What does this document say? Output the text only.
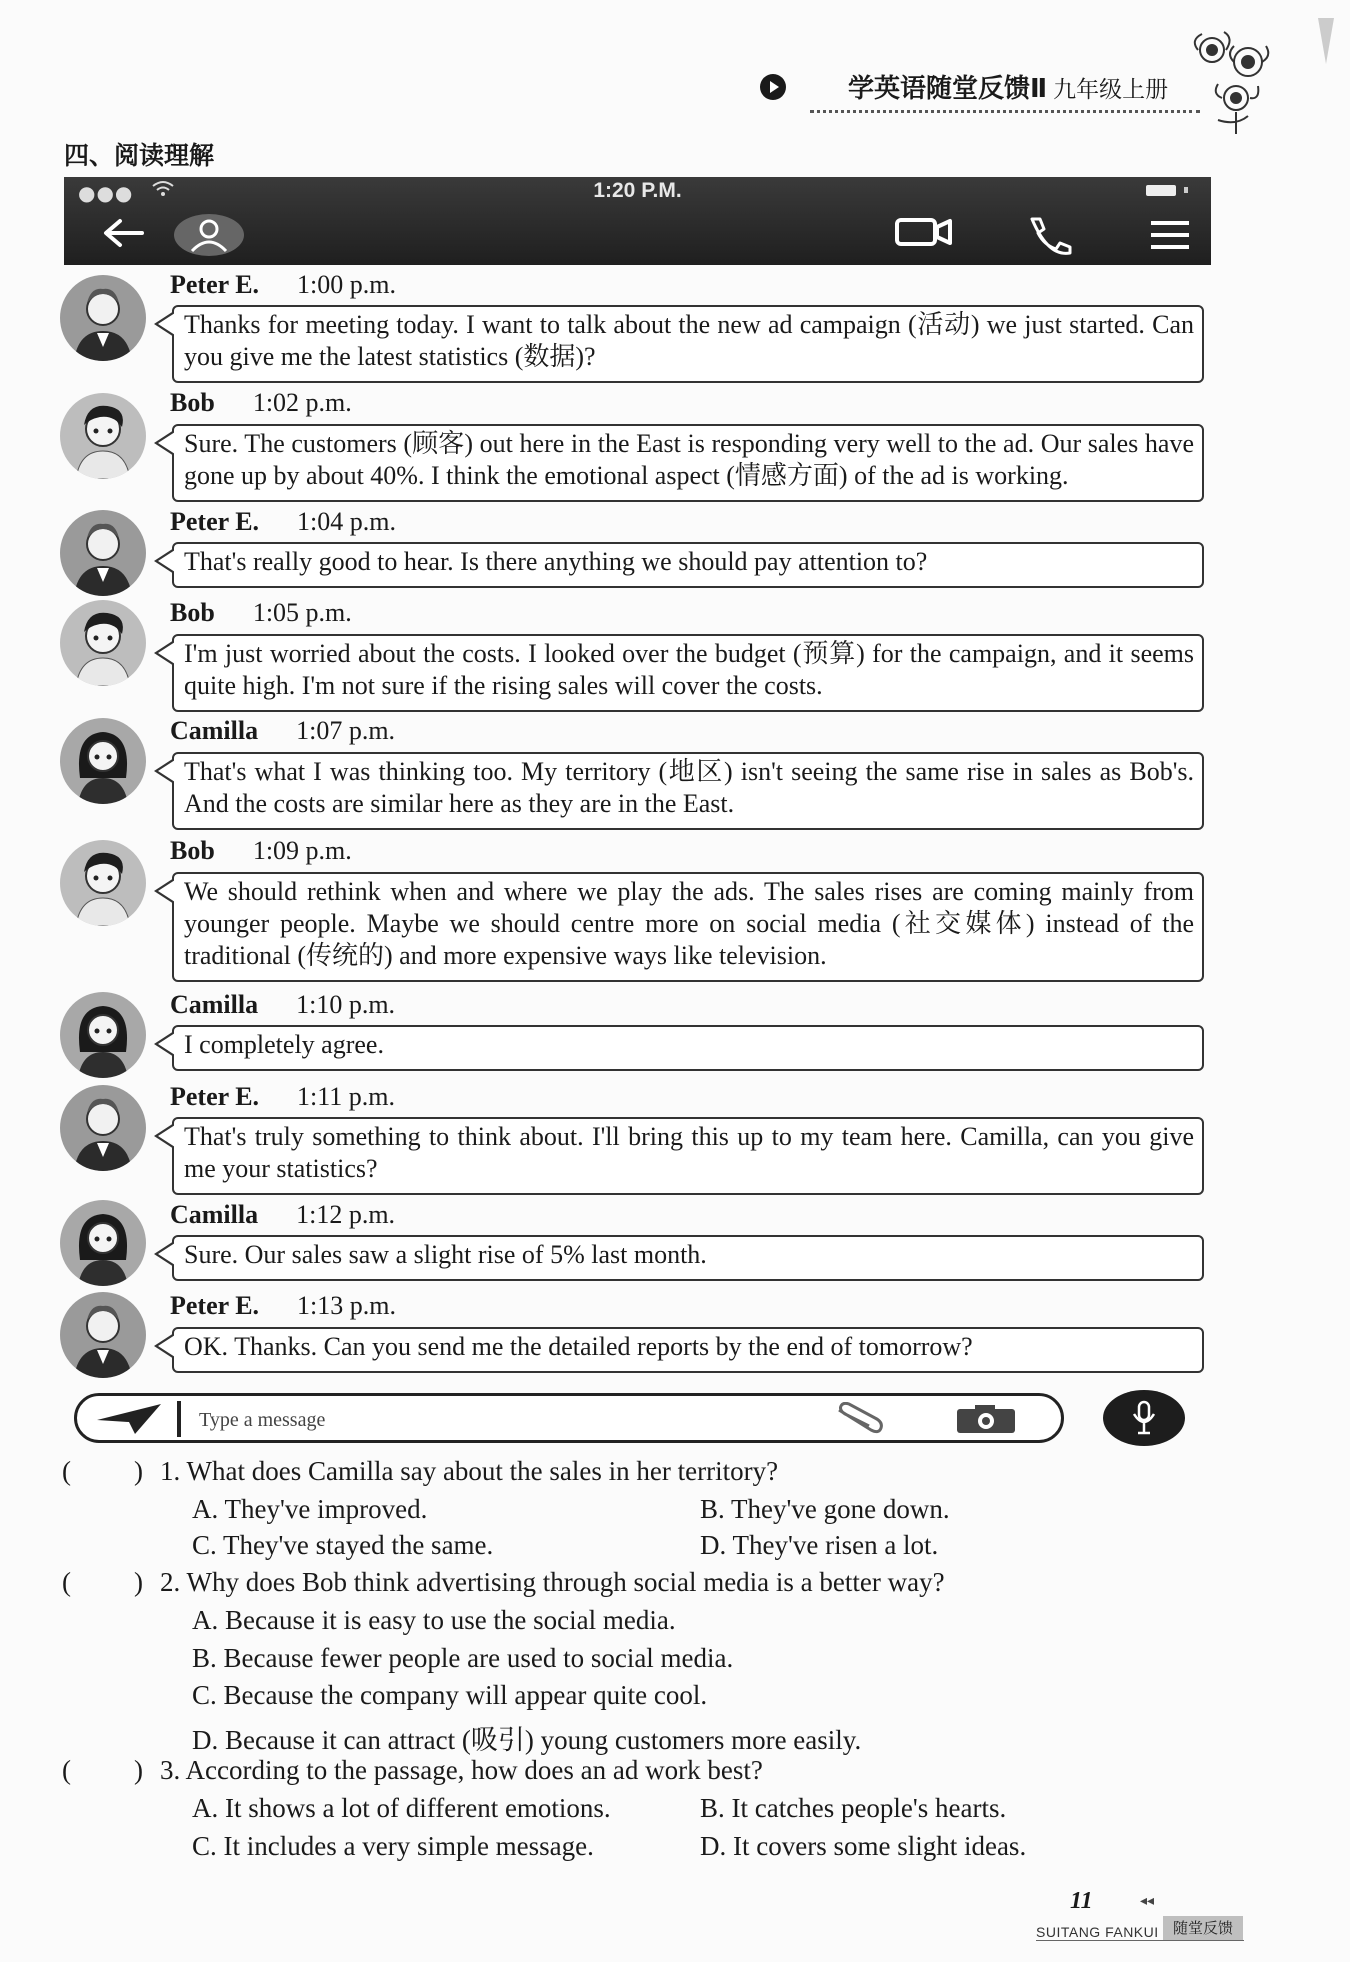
学英语随堂反馈Ⅱ 九年级上册
四、阅读理解
●●●	1:20 P.M.
Peter E. 1:00 p.m.
Thanks for meeting today. I want to talk about the new ad campaign (活动) we just started. Can you give me the latest statistics (数据)?
Bob 1:02 p.m.
Sure. The customers (顾客) out here in the East is responding very well to the ad. Our sales have gone up by about 40%. I think the emotional aspect (情感方面) of the ad is working.
Peter E. 1:04 p.m.
That's really good to hear. Is there anything we should pay attention to?
Bob 1:05 p.m.
I'm just worried about the costs. I looked over the budget (预算) for the campaign, and it seems quite high. I'm not sure if the rising sales will cover the costs.
Camilla 1:07 p.m.
That's what I was thinking too. My territory (地区) isn't seeing the same rise in sales as Bob's. And the costs are similar here as they are in the East.
Bob 1:09 p.m.
We should rethink when and where we play the ads. The sales rises are coming mainly from younger people. Maybe we should centre more on social media (社交媒体) instead of the traditional (传统的) and more expensive ways like television.
Camilla 1:10 p.m.
I completely agree.
Peter E. 1:11 p.m.
That's truly something to think about. I'll bring this up to my team here. Camilla, can you give me your statistics?
Camilla 1:12 p.m.
Sure. Our sales saw a slight rise of 5% last month.
Peter E. 1:13 p.m.
OK. Thanks. Can you send me the detailed reports by the end of tomorrow?
Type a message
( ) 1. What does Camilla say about the sales in her territory?
A. They've improved.	B. They've gone down.
C. They've stayed the same.	D. They've risen a lot.
( ) 2. Why does Bob think advertising through social media is a better way?
A. Because it is easy to use the social media.
B. Because fewer people are used to social media.
C. Because the company will appear quite cool.
D. Because it can attract (吸引) young customers more easily.
( ) 3. According to the passage, how does an ad work best?
A. It shows a lot of different emotions.	B. It catches people's hearts.
C. It includes a very simple message.	D. It covers some slight ideas.
11	◂◂
SUITANG FANKUI 随堂反馈
